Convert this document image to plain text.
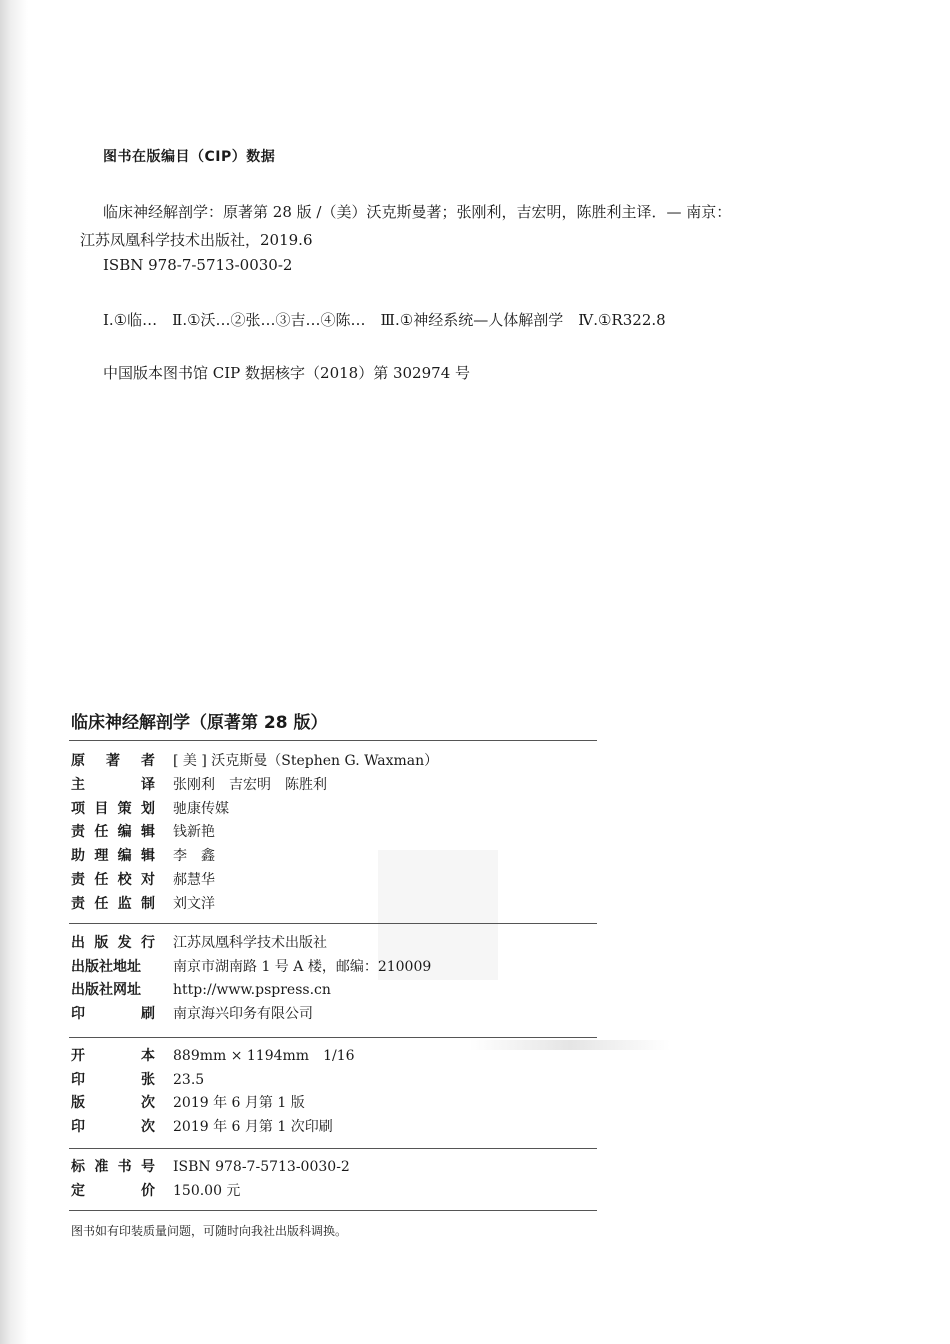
图书在版编目（CIP）数据
临床神经解剖学：原著第 28 版 /（美）沃克斯曼著；张刚利，吉宏明，陈胜利主译．— 南京：
江苏凤凰科学技术出版社，2019.6
ISBN 978-7-5713-0030-2
Ⅰ.①临…　Ⅱ.①沃…②张…③吉…④陈…　Ⅲ.①神经系统—人体解剖学　Ⅳ.①R322.8
中国版本图书馆 CIP 数据核字（2018）第 302974 号
临床神经解剖学（原著第 28 版）
原 著 者 [ 美 ] 沃克斯曼（Stephen G. Waxman）
主	译 张刚利　吉宏明　陈胜利
项 目 策 划 驰康传媒
责 任 编 辑 钱新艳
助 理 编 辑 李　鑫
责 任 校 对 郝慧华
责 任 监 制 刘文洋
出 版 发 行 江苏凤凰科学技术出版社
出版社地址 南京市湖南路 1 号 A 楼，邮编：210009
出版社网址 http://www.pspress.cn
印	刷 南京海兴印务有限公司
开	本 889mm × 1194mm　1/16
印	张 23.5
版	次 2019 年 6 月第 1 版
印	次 2019 年 6 月第 1 次印刷
标 准 书 号 ISBN 978-7-5713-0030-2
定	价 150.00 元
图书如有印装质量问题，可随时向我社出版科调换。
